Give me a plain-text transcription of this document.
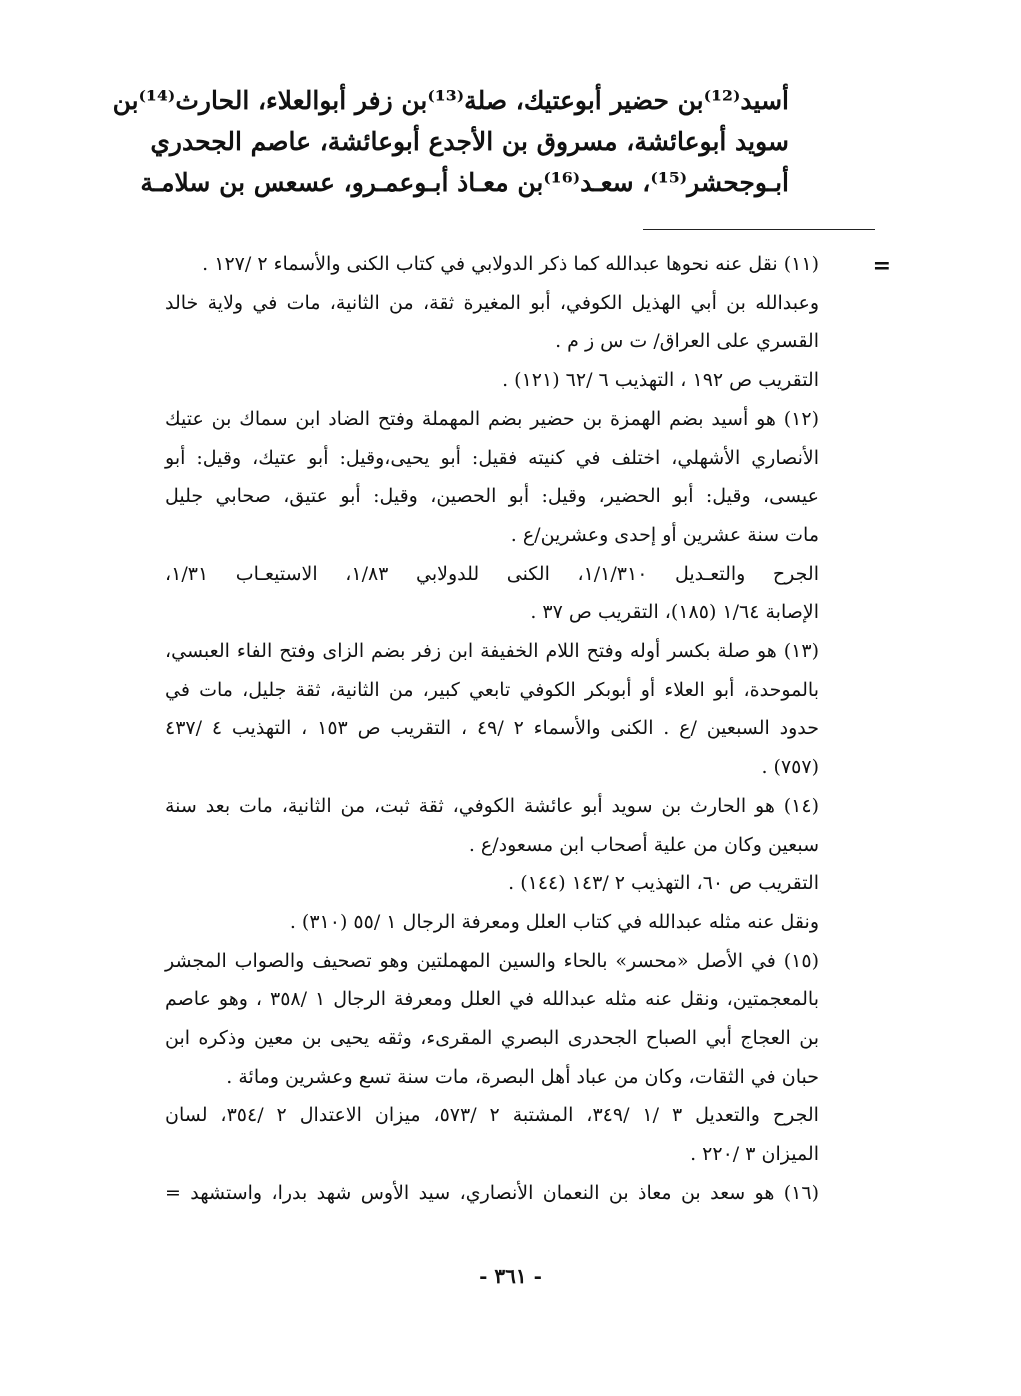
أسيد⁽¹²⁾بن حضير أبوعتيك، صلة⁽¹³⁾بن زفر أبوالعلاء، الحارث⁽¹⁴⁾بن
سويد أبوعائشة، مسروق بن الأجدع أبوعائشة، عاصم الجحدري
أبـوجحشر⁽¹⁵⁾، سعـد⁽¹⁶⁾بن معـاذ أبـوعمـرو، عسعس بن سلامـة
=
(١١) نقل عنه نحوها عبدالله كما ذكر الدولابي في كتاب الكنى والأسماء ٢ /١٢٧ .
وعبدالله بن أبي الهذيل الكوفي، أبو المغيرة ثقة، من الثانية، مات في ولاية خالد
القسري على العراق/ ت س ز م .
التقريب ص ١٩٢ ، التهذيب ٦ /٦٢ (١٢١) .
(١٢) هو أسيد بضم الهمزة بن حضير بضم المهملة وفتح الضاد ابن سماك بن عتيك
الأنصاري الأشهلي، اختلف في كنيته فقيل: أبو يحيى،وقيل: أبو عتيك، وقيل: أبو
عيسى، وقيل: أبو الحضير، وقيل: أبو الحصين، وقيل: أبو عتيق، صحابي جليل
مات سنة عشرين أو إحدى وعشرين/ع .
الجرح والتعـديل ١/١/٣١٠، الكنى للدولابي ١/٨٣، الاستيعـاب ١/٣١،
الإصابة ١/٦٤ (١٨٥)، التقريب ص ٣٧ .
(١٣) هو صلة بكسر أوله وفتح اللام الخفيفة ابن زفر بضم الزاى وفتح الفاء العبسي،
بالموحدة، أبو العلاء أو أبوبكر الكوفي تابعي كبير، من الثانية، ثقة جليل، مات في
حدود السبعين /ع . الكنى والأسماء ٢ /٤٩ ، التقريب ص ١٥٣ ، التهذيب ٤ /٤٣٧
(٧٥٧) .
(١٤) هو الحارث بن سويد أبو عائشة الكوفي، ثقة ثبت، من الثانية، مات بعد سنة
سبعين وكان من علية أصحاب ابن مسعود/ع .
التقريب ص ٦٠، التهذيب ٢ /١٤٣ (١٤٤) .
ونقل عنه مثله عبدالله في كتاب العلل ومعرفة الرجال ١ /٥٥ (٣١٠) .
(١٥) في الأصل «محسر» بالحاء والسين المهملتين وهو تصحيف والصواب المجشر
بالمعجمتين، ونقل عنه مثله عبدالله في العلل ومعرفة الرجال ١ /٣٥٨ ، وهو عاصم
بن العجاج أبي الصباح الجحدرى البصري المقرىء، وثقه يحيى بن معين وذكره ابن
حبان في الثقات، وكان من عباد أهل البصرة، مات سنة تسع وعشرين ومائة .
الجرح والتعديل ٣ /١ /٣٤٩، المشتبة ٢ /٥٧٣، ميزان الاعتدال ٢ /٣٥٤، لسان
الميزان ٣ /٢٢٠ .
(١٦) هو سعد بن معاذ بن النعمان الأنصاري، سيد الأوس شهد بدرا، واستشهد =
- ٣٦١ -
